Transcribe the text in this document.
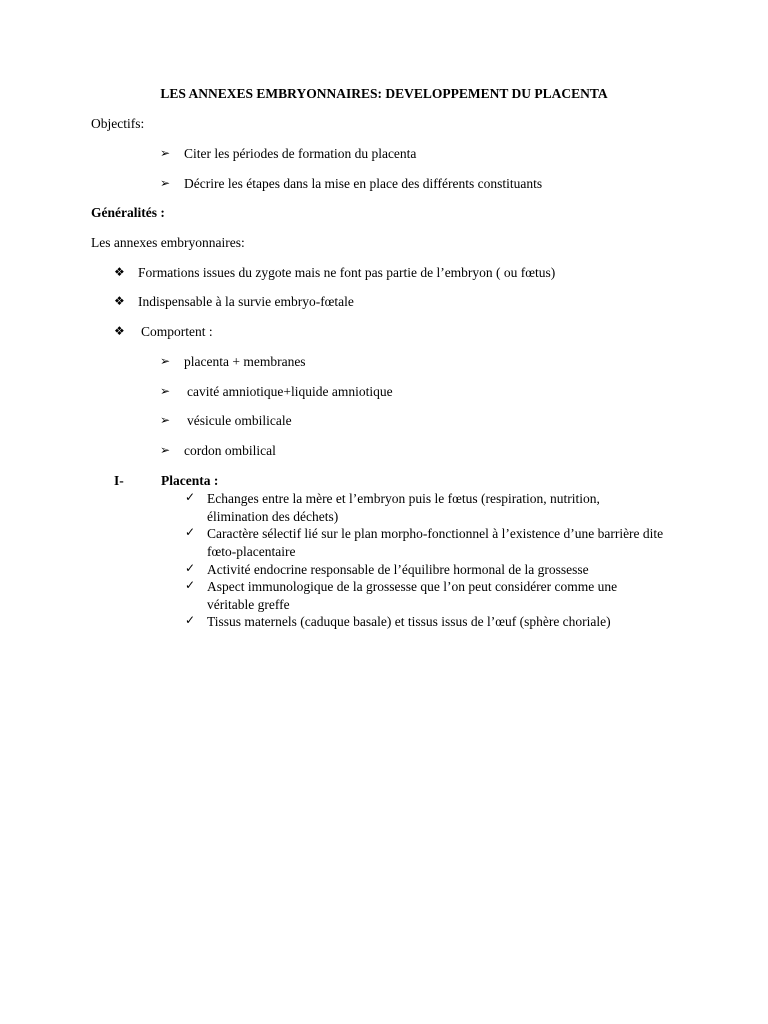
LES ANNEXES EMBRYONNAIRES: DEVELOPPEMENT DU PLACENTA
Objectifs:
➢ Citer les périodes de formation du placenta
➢ Décrire les étapes dans la mise en place des différents constituants
Généralités :
Les annexes embryonnaires:
❖ Formations issues du zygote mais ne font pas partie de l’embryon ( ou fœtus)
❖ Indispensable à la survie embryo-fœtale
❖ Comportent :
➢ placenta + membranes
➢ cavité amniotique+liquide amniotique
➢ vésicule ombilicale
➢ cordon ombilical
I-	Placenta :
✓ Echanges entre la mère et l’embryon puis le fœtus (respiration, nutrition, élimination des déchets)
✓ Caractère sélectif lié sur le plan morpho-fonctionnel à l’existence d’une barrière dite fœto-placentaire
✓ Activité endocrine responsable de l’équilibre hormonal de la grossesse
✓ Aspect immunologique de la grossesse que l’on peut considérer comme une véritable greffe
✓ Tissus maternels (caduque basale) et tissus issus de l’œuf (sphère choriale)
